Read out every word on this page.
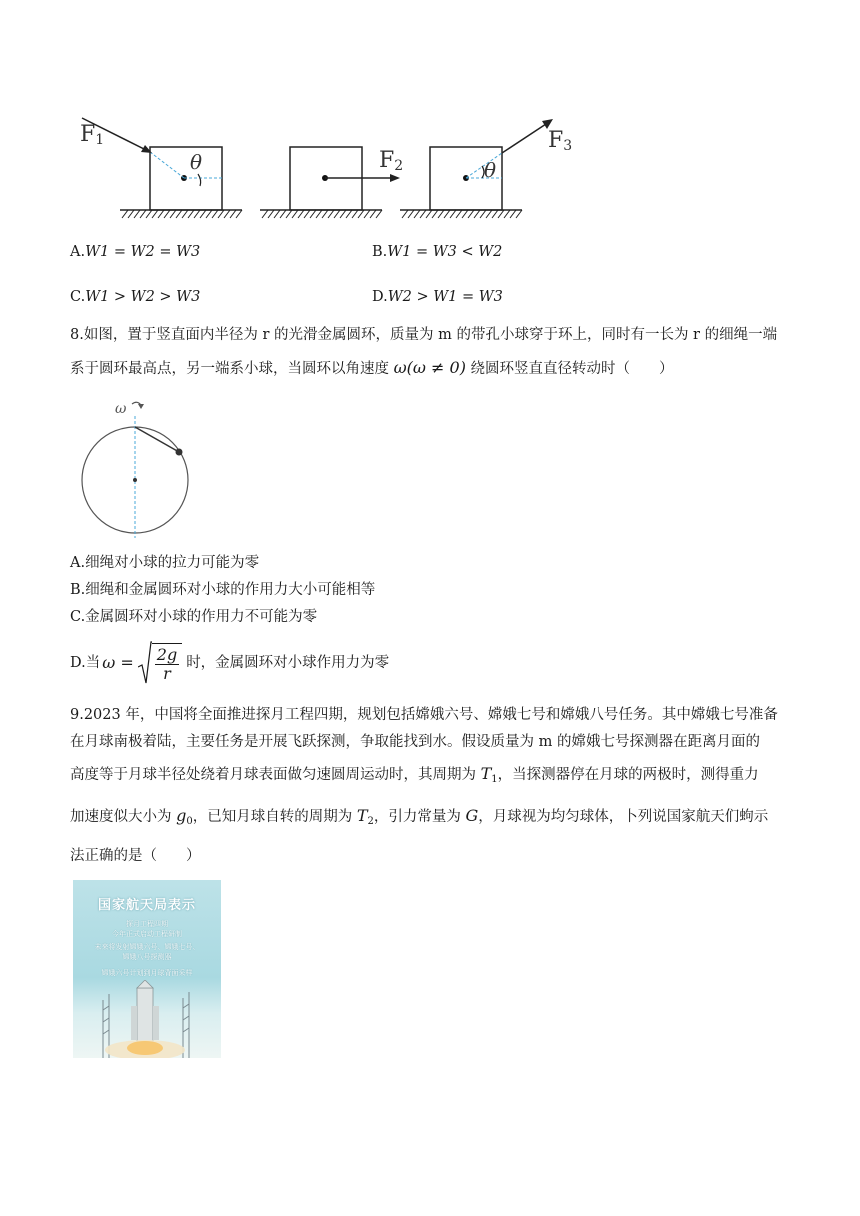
$F_1$
θ	$F_2$
$F_3$
θ
A.W1 = W2 = W3	B.W1 = W3 < W2
C.W1 > W2 > W3	D.W2 > W1 = W3
8.如图，置于竖直面内半径为 r 的光滑金属圆环，质量为 m 的带孔小球穿于环上，同时有一长为 r 的细绳一端
系于圆环最高点，另一端系小球，当圆环以角速度 ω(ω ≠ 0) 绕圆环竖直直径转动时（　　）
ω
A.细绳对小球的拉力可能为零
B.细绳和金属圆环对小球的作用力大小可能相等
C.金属圆环对小球的作用力不可能为零
D.当 $\omega = \frac{2g}{r}$ 时，金属圆环对小球作用力为零
9.2023 年，中国将全面推进探月工程四期，规划包括嫦娥六号、嫦娥七号和嫦娥八号任务。其中嫦娥七号准备
在月球南极着陆，主要任务是开展飞跃探测，争取能找到水。假设质量为 m 的嫦娥七号探测器在距离月面的
高度等于月球半径处绕着月球表面做匀速圆周运动时，其周期为 $T_1$，当探测器停在月球的两极时，测得重力
加速度似大小为 $g_0$，已知月球自转的周期为 $T_2$，引力常量为 G，月球视为均匀球体，卜列说国家航天们蚼示
法正确的是（　　）
国家航天局表示
探月工程四期
今年正式启动工程研制
未来将发射嫦娥六号、嫦娥七号、
嫦娥八号探测器
嫦娥六号计划到月球背面采样
